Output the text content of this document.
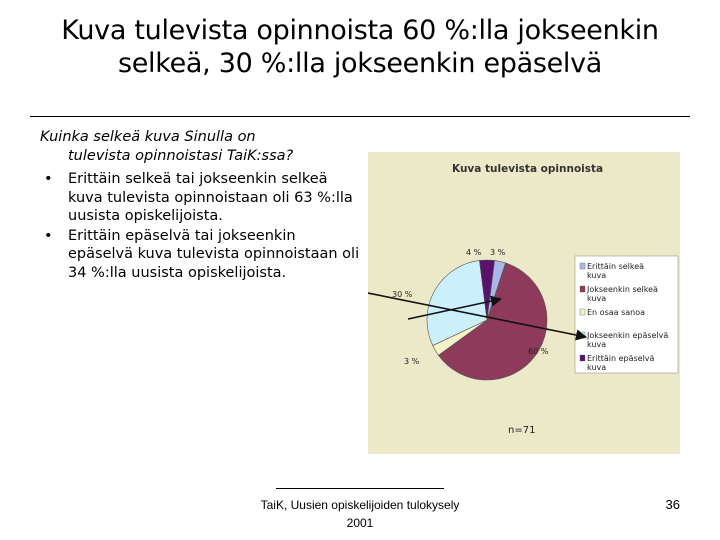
Kuva tulevista opinnoista 60 %:lla jokseenkin selkeä, 30 %:lla jokseenkin epäselvä
Kuinka selkeä kuva Sinulla on
tulevista opinnoistasi TaiK:ssa?
• Erittäin selkeä tai jokseenkin selkeä kuva tulevista opinnoistaan oli 63 %:lla uusista opiskelijoista.
• Erittäin epäselvä tai jokseenkin epäselvä kuva tulevista opinnoistaan oli 34 %:lla uusista opiskelijoista.
Kuva tulevista opinnoista
3 %
60 %
3 %
30 %
4 %
Erittäin selkeä kuva
Jokseenkin selkeä kuva
En osaa sanoa
Jokseenkin epäselvä kuva
Erittäin epäselvä kuva
n=71
TaiK, Uusien opiskelijoiden tulokysely 2001
36
